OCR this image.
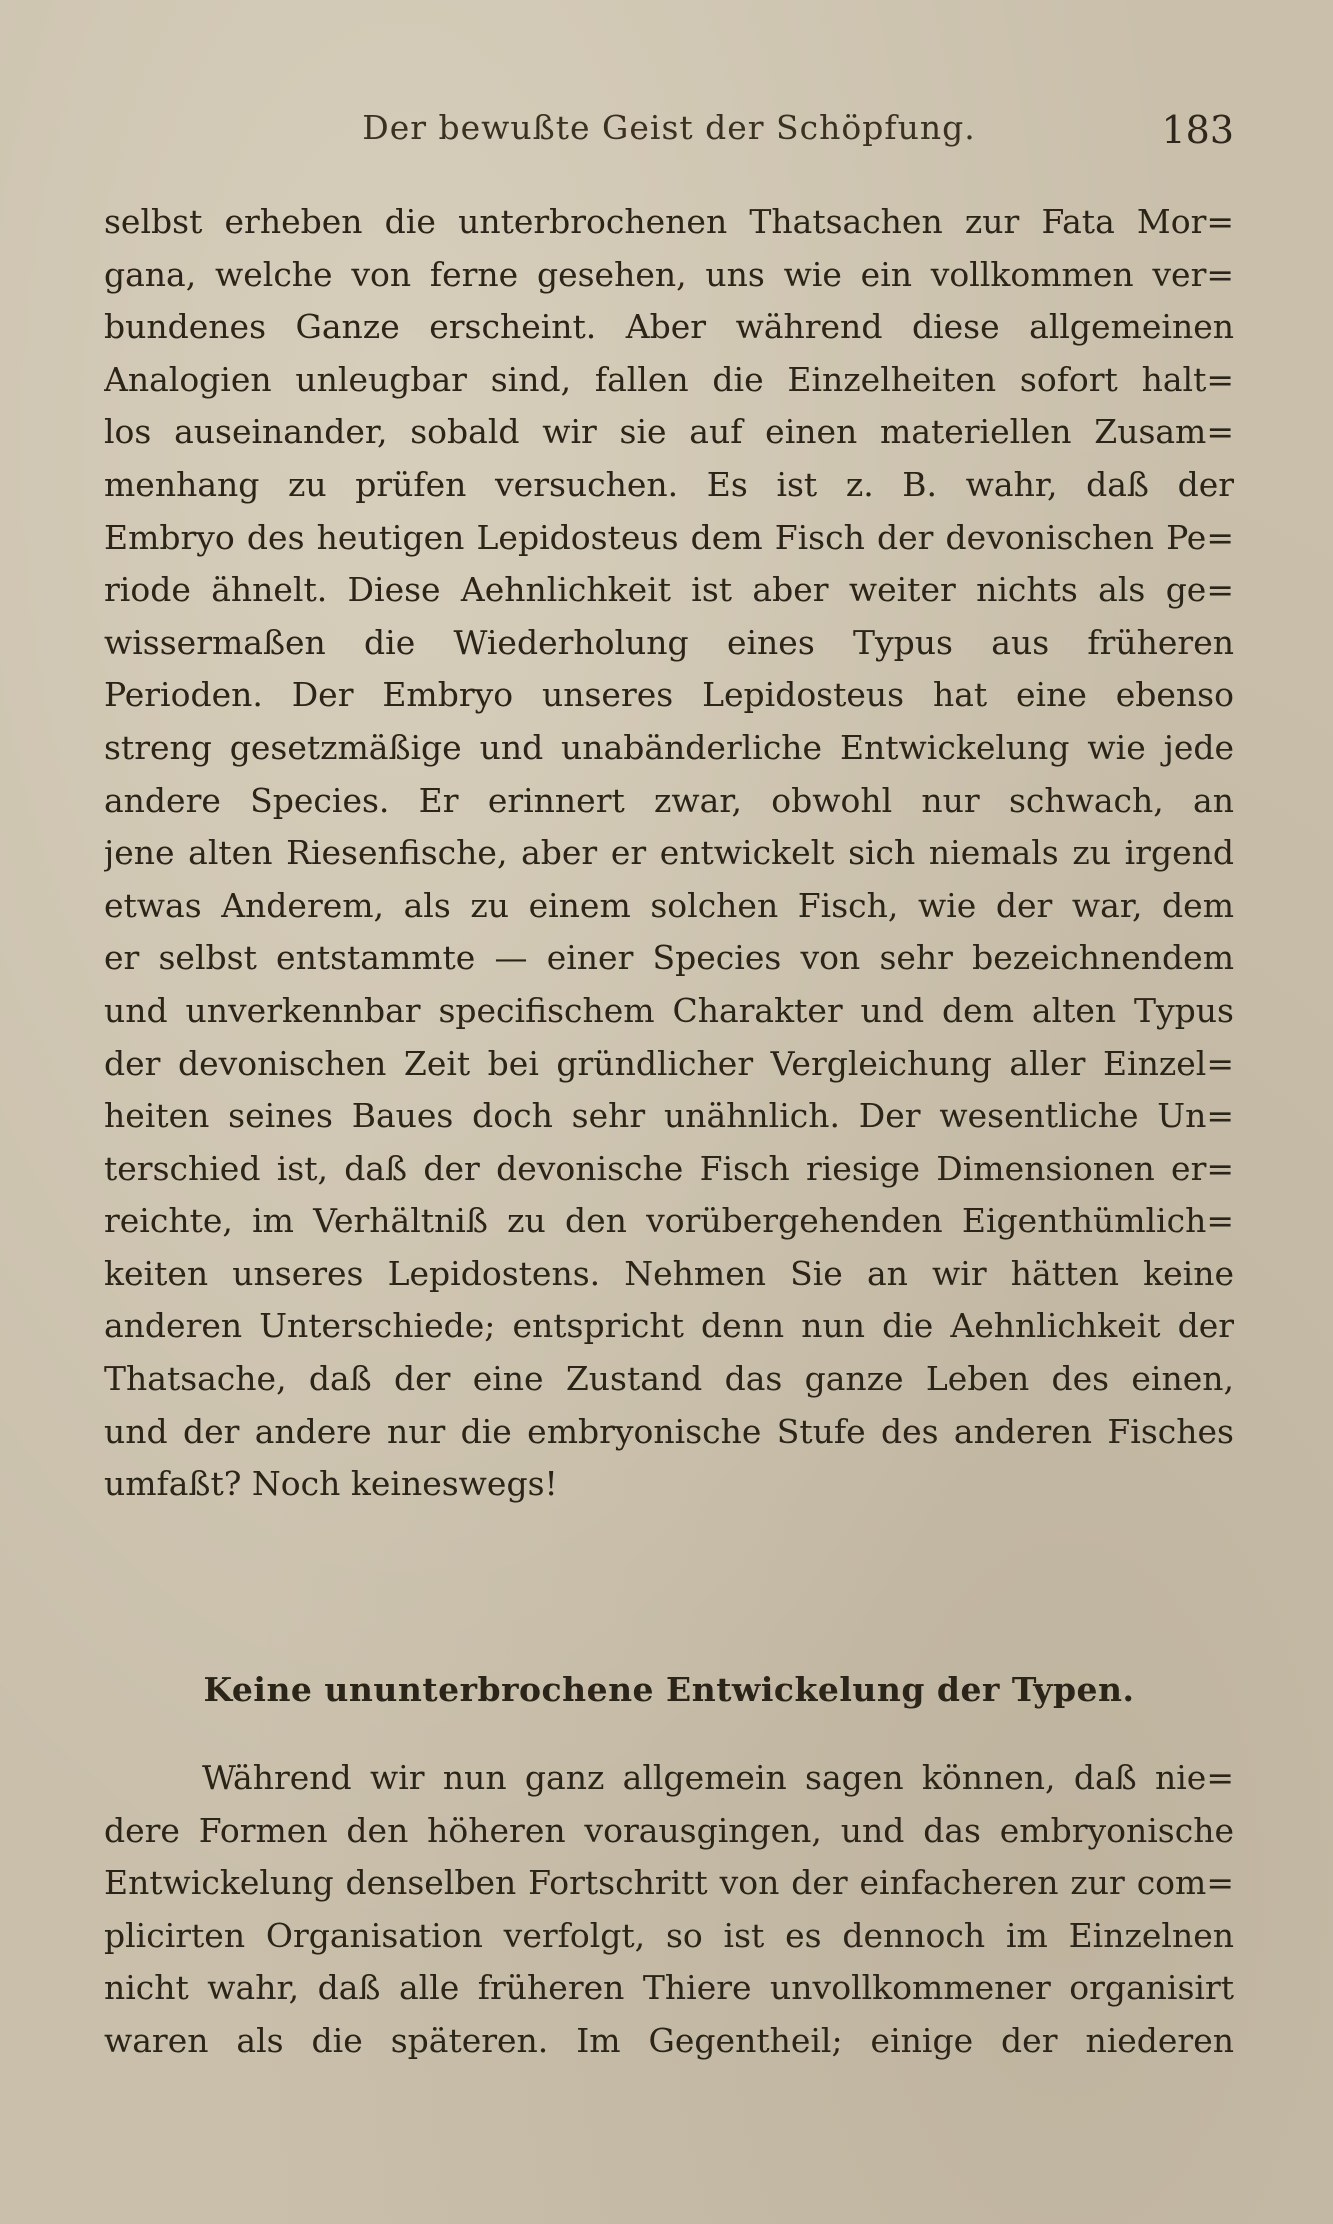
Der bewußte Geist der Schöpfung.	183
selbst erheben die unterbrochenen Thatsachen zur Fata Mor=
gana, welche von ferne gesehen, uns wie ein vollkommen ver=
bundenes Ganze erscheint. Aber während diese allgemeinen
Analogien unleugbar sind, fallen die Einzelheiten sofort halt=
los auseinander, sobald wir sie auf einen materiellen Zusam=
menhang zu prüfen versuchen. Es ist z. B. wahr, daß der
Embryo des heutigen Lepidosteus dem Fisch der devonischen Pe=
riode ähnelt. Diese Aehnlichkeit ist aber weiter nichts als ge=
wissermaßen die Wiederholung eines Typus aus früheren
Perioden. Der Embryo unseres Lepidosteus hat eine ebenso
streng gesetzmäßige und unabänderliche Entwickelung wie jede
andere Species. Er erinnert zwar, obwohl nur schwach, an
jene alten Riesenfische, aber er entwickelt sich niemals zu irgend
etwas Anderem, als zu einem solchen Fisch, wie der war, dem
er selbst entstammte — einer Species von sehr bezeichnendem
und unverkennbar specifischem Charakter und dem alten Typus
der devonischen Zeit bei gründlicher Vergleichung aller Einzel=
heiten seines Baues doch sehr unähnlich. Der wesentliche Un=
terschied ist, daß der devonische Fisch riesige Dimensionen er=
reichte, im Verhältniß zu den vorübergehenden Eigenthümlich=
keiten unseres Lepidostens. Nehmen Sie an wir hätten keine
anderen Unterschiede; entspricht denn nun die Aehnlichkeit der
Thatsache, daß der eine Zustand das ganze Leben des einen,
und der andere nur die embryonische Stufe des anderen Fisches
umfaßt? Noch keineswegs!
Keine ununterbrochene Entwickelung der Typen.
Während wir nun ganz allgemein sagen können, daß nie=
dere Formen den höheren vorausgingen, und das embryonische
Entwickelung denselben Fortschritt von der einfacheren zur com=
plicirten Organisation verfolgt, so ist es dennoch im Einzelnen
nicht wahr, daß alle früheren Thiere unvollkommener organisirt
waren als die späteren. Im Gegentheil; einige der niederen
